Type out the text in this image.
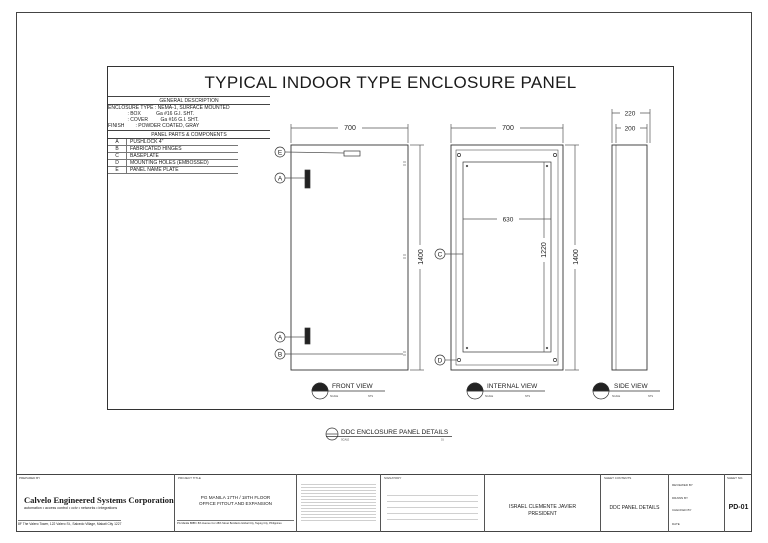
TYPICAL INDOOR TYPE ENCLOSURE PANEL
GENERAL DESCRIPTION
ENCLOSURE TYPE : NEMA-1, SURFACE MOUNTED
: BOX           Ga #16 G.I. SHT.
: COVER         Ga #16 G.I. SHT.
FINISH        : POWDER COATED, GRAY
PANEL PARTS & COMPONENTS
A	PUSHLOCK 4"
B	FABRICATED HINGES
C	BASEPLATE
D	MOUNTING HOLES (EMBOSSED)
E	PANEL NAME PLATE
700
1400
E
A
A
B
FRONT VIEW
SCALE	NTS
700
630
1220	1400
C
D
INTERNAL VIEW
SCALE	NTS
220
200
SIDE VIEW
SCALE	NTS
DDC ENCLOSURE PANEL DETAILS
SCALE	01
PREPARED BY
Calvelo Engineered Systems Corporation
automation • access control • cctv • networks • integrations
8F The Valero Tower, 122 Valero St., Salcedo Village, Makati City 1227
PROJECT TITLE
PG MANILA 17TH / 18TH FLOOR
OFFICE FITOUT AND EXPANSION
PG Manila 8888 / 8th Avenue Cor 28th Street Bonifacio Global City, Taguig City, Philippines
SIGNATORY
ISRAEL CLEMENTE JAVIER
PRESIDENT
SHEET CONTENTS
DDC PANEL DETAILS
REVIEWED BY
DRAWN BY
CHECKED BY
DATE
SHEET NO.
PD-01
